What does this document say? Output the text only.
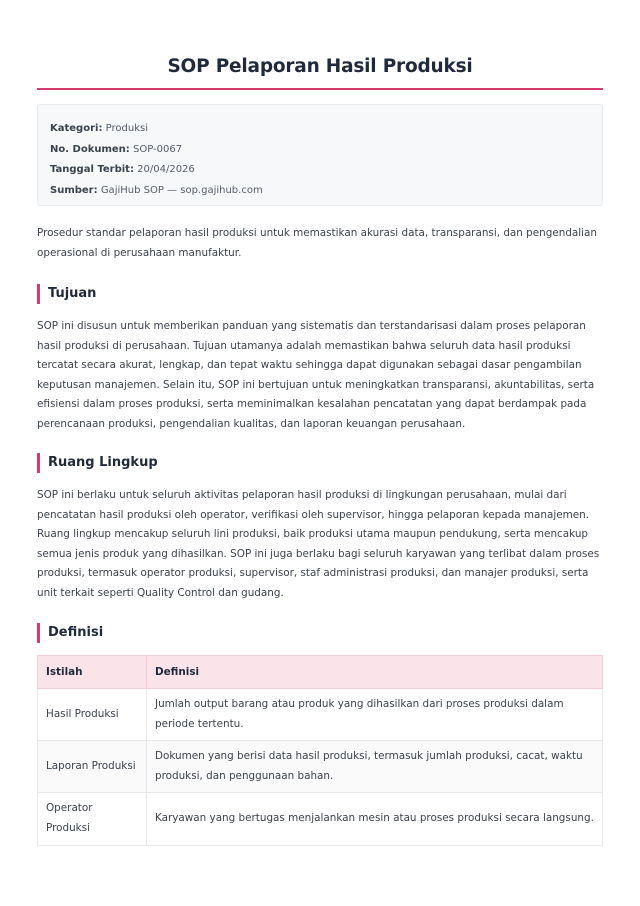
SOP Pelaporan Hasil Produksi
Kategori: Produksi
No. Dokumen: SOP-0067
Tanggal Terbit: 20/04/2026
Sumber: GajiHub SOP — sop.gajihub.com

Prosedur standar pelaporan hasil produksi untuk memastikan akurasi data, transparansi, dan pengendalian operasional di perusahaan manufaktur.

Tujuan

SOP ini disusun untuk memberikan panduan yang sistematis dan terstandarisasi dalam proses pelaporan hasil produksi di perusahaan. Tujuan utamanya adalah memastikan bahwa seluruh data hasil produksi tercatat secara akurat, lengkap, dan tepat waktu sehingga dapat digunakan sebagai dasar pengambilan keputusan manajemen. Selain itu, SOP ini bertujuan untuk meningkatkan transparansi, akuntabilitas, serta efisiensi dalam proses produksi, serta meminimalkan kesalahan pencatatan yang dapat berdampak pada perencanaan produksi, pengendalian kualitas, dan laporan keuangan perusahaan.

Ruang Lingkup

SOP ini berlaku untuk seluruh aktivitas pelaporan hasil produksi di lingkungan perusahaan, mulai dari pencatatan hasil produksi oleh operator, verifikasi oleh supervisor, hingga pelaporan kepada manajemen. Ruang lingkup mencakup seluruh lini produksi, baik produksi utama maupun pendukung, serta mencakup semua jenis produk yang dihasilkan. SOP ini juga berlaku bagi seluruh karyawan yang terlibat dalam proses produksi, termasuk operator produksi, supervisor, staf administrasi produksi, dan manajer produksi, serta unit terkait seperti Quality Control dan gudang.

Definisi
Istilah	Definisi
Hasil Produksi	Jumlah output barang atau produk yang dihasilkan dari proses produksi dalam periode tertentu.
Laporan Produksi	Dokumen yang berisi data hasil produksi, termasuk jumlah produksi, cacat, waktu produksi, dan penggunaan bahan.
Operator Produksi	Karyawan yang bertugas menjalankan mesin atau proses produksi secara langsung.
